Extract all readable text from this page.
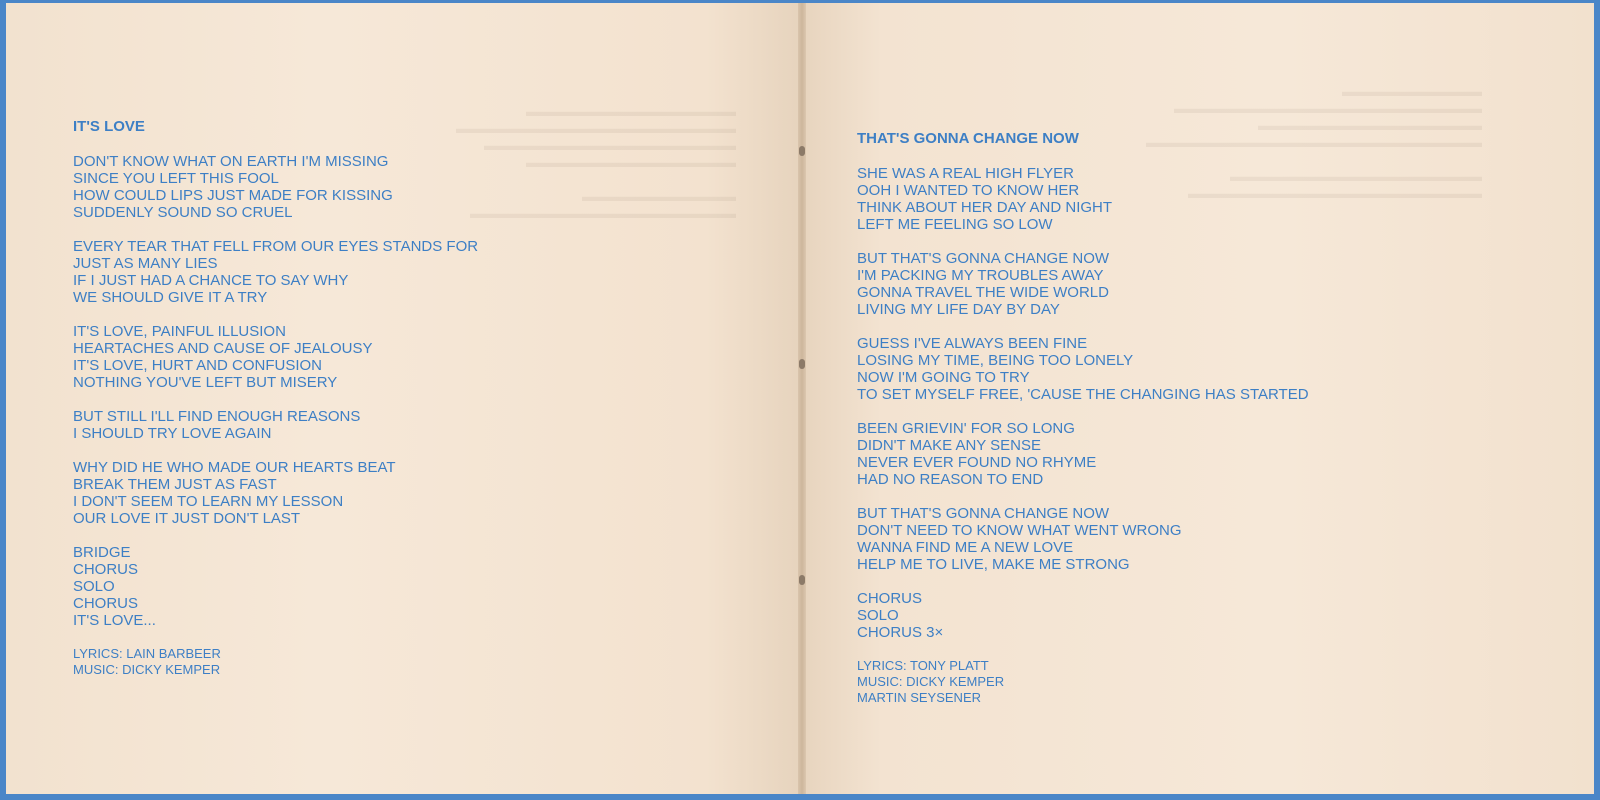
▬▬▬▬▬▬▬▬▬▬▬▬▬▬▬
▬▬▬▬▬▬▬▬▬▬▬▬▬▬▬▬▬▬▬▬
▬▬▬▬▬▬▬▬▬▬▬▬▬▬▬▬▬▬
▬▬▬▬▬▬▬▬▬▬▬▬▬▬▬

▬▬▬▬▬▬▬▬▬▬▬
▬▬▬▬▬▬▬▬▬▬▬▬▬▬▬▬▬▬▬
▬▬▬▬▬▬▬▬▬▬
▬▬▬▬▬▬▬▬▬▬▬▬▬▬▬▬▬▬▬▬▬▬
▬▬▬▬▬▬▬▬▬▬▬▬▬▬▬▬
▬▬▬▬▬▬▬▬▬▬▬▬▬▬▬▬▬▬▬▬▬▬▬▬

▬▬▬▬▬▬▬▬▬▬▬▬▬▬▬▬▬▬
▬▬▬▬▬▬▬▬▬▬▬▬▬▬▬▬▬▬▬▬▬
IT'S LOVE
DON'T KNOW WHAT ON EARTH I'M MISSING
SINCE YOU LEFT THIS FOOL
HOW COULD LIPS JUST MADE FOR KISSING
SUDDENLY SOUND SO CRUEL
EVERY TEAR THAT FELL FROM OUR EYES STANDS FOR
JUST AS MANY LIES
IF I JUST HAD A CHANCE TO SAY WHY
WE SHOULD GIVE IT A TRY
IT'S LOVE, PAINFUL ILLUSION
HEARTACHES AND CAUSE OF JEALOUSY
IT'S LOVE, HURT AND CONFUSION
NOTHING YOU'VE LEFT BUT MISERY
BUT STILL I'LL FIND ENOUGH REASONS
I SHOULD TRY LOVE AGAIN
WHY DID HE WHO MADE OUR HEARTS BEAT
BREAK THEM JUST AS FAST
I DON'T SEEM TO LEARN MY LESSON
OUR LOVE IT JUST DON'T LAST
BRIDGE
CHORUS
SOLO
CHORUS
IT'S LOVE...
LYRICS: LAIN BARBEER
MUSIC: DICKY KEMPER
THAT'S GONNA CHANGE NOW
SHE WAS A REAL HIGH FLYER
OOH I WANTED TO KNOW HER
THINK ABOUT HER DAY AND NIGHT
LEFT ME FEELING SO LOW
BUT THAT'S GONNA CHANGE NOW
I'M PACKING MY TROUBLES AWAY
GONNA TRAVEL THE WIDE WORLD
LIVING MY LIFE DAY BY DAY
GUESS I'VE ALWAYS BEEN FINE
LOSING MY TIME, BEING TOO LONELY
NOW I'M GOING TO TRY
TO SET MYSELF FREE, 'CAUSE THE CHANGING HAS STARTED
BEEN GRIEVIN' FOR SO LONG
DIDN'T MAKE ANY SENSE
NEVER EVER FOUND NO RHYME
HAD NO REASON TO END
BUT THAT'S GONNA CHANGE NOW
DON'T NEED TO KNOW WHAT WENT WRONG
WANNA FIND ME A NEW LOVE
HELP ME TO LIVE, MAKE ME STRONG
CHORUS
SOLO
CHORUS 3×
LYRICS: TONY PLATT
MUSIC: DICKY KEMPER
MARTIN SEYSENER
